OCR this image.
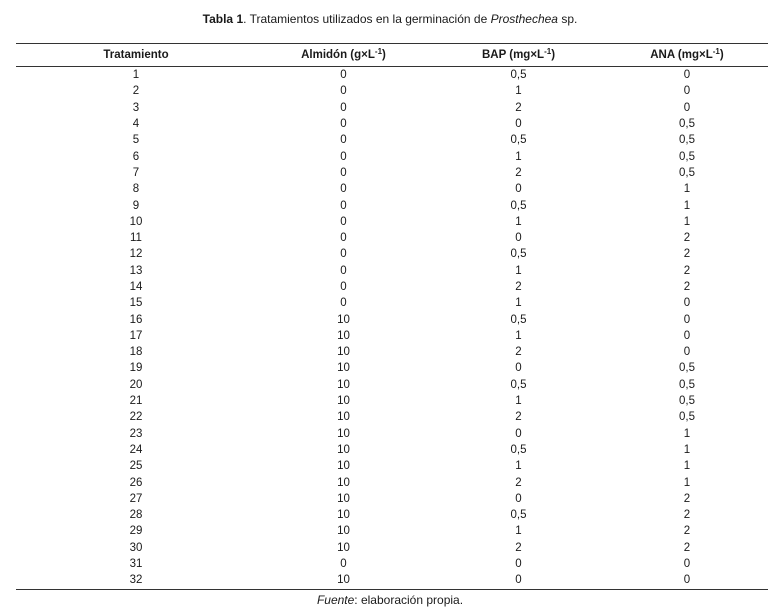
Tabla 1. Tratamientos utilizados en la germinación de Prosthechea sp.
Tratamiento	Almidón $(g\times L^{-1})$	BAP $(mg\times L^{-1})$	ANA $(mg\times L^{-1})$
1	0	0,5	0
2	0	1	0
3	0	2	0
4	0	0	0,5
5	0	0,5	0,5
6	0	1	0,5
7	0	2	0,5
8	0	0	1
9	0	0,5	1
10	0	1	1
11	0	0	2
12	0	0,5	2
13	0	1	2
14	0	2	2
15	0	1	0
16	10	0,5	0
17	10	1	0
18	10	2	0
19	10	0	0,5
20	10	0,5	0,5
21	10	1	0,5
22	10	2	0,5
23	10	0	1
24	10	0,5	1
25	10	1	1
26	10	2	1
27	10	0	2
28	10	0,5	2
29	10	1	2
30	10	2	2
31	0	0	0
32	10	0	0
Fuente: elaboración propia.
